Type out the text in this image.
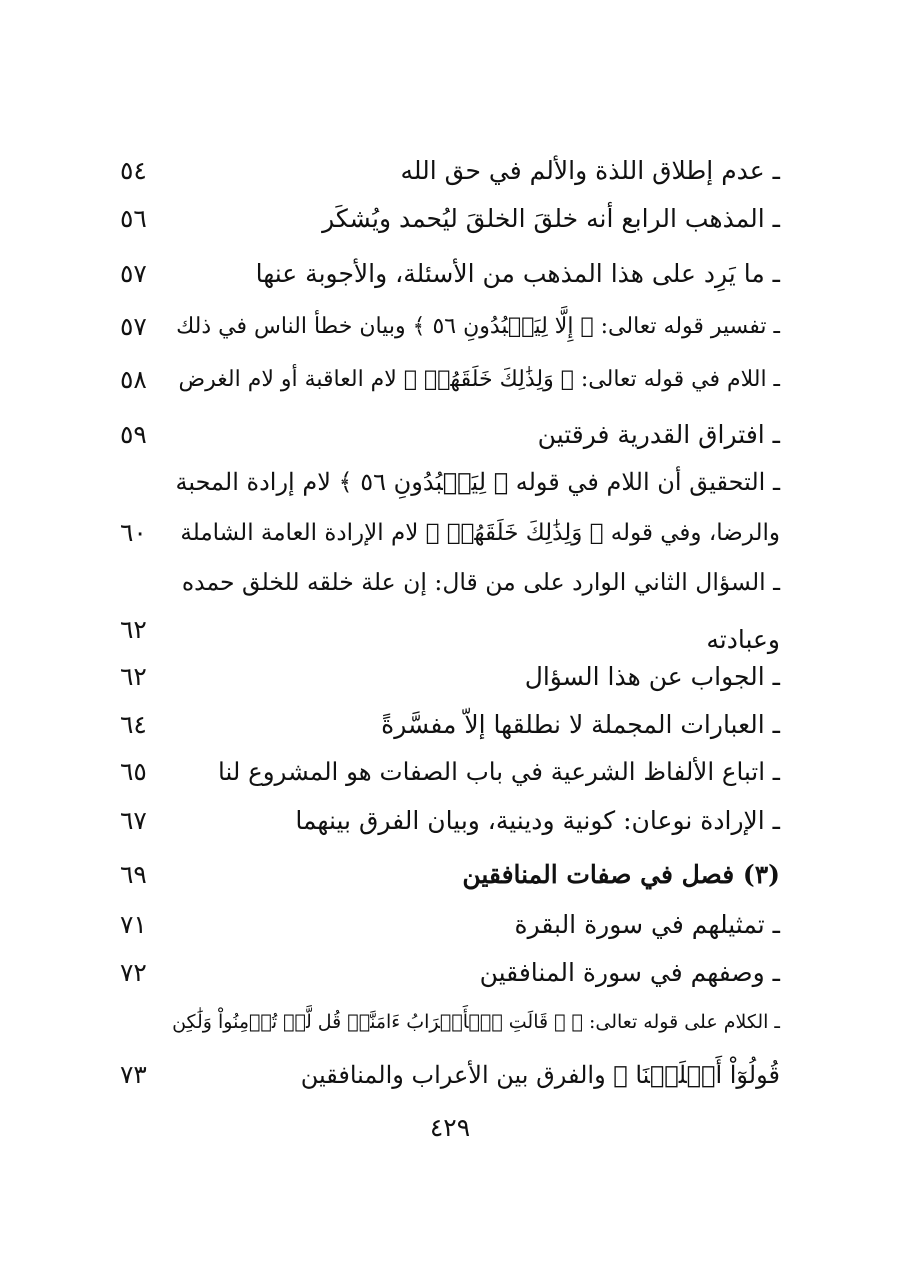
ـ عدم إطلاق اللذة والألم في حق الله
٥٤
ـ المذهب الرابع أنه خلقَ الخلقَ ليُحمد ويُشكَر
٥٦
ـ ما يَرِد على هذا المذهب من الأسئلة، والأجوبة عنها
٥٧
ـ تفسير قوله تعالى: ﴿ إِلَّا لِيَعۡبُدُونِ ٥٦ ﴾ وبيان خطأ الناس في ذلك
٥٧
ـ اللام في قوله تعالى: ﴿ وَلِذَٰلِكَ خَلَقَهُمۡ ﴾ لام العاقبة أو لام الغرض
٥٨
ـ افتراق القدرية فرقتين
٥٩
ـ التحقيق أن اللام في قوله ﴿ لِيَعۡبُدُونِ ٥٦ ﴾ لام إرادة المحبة
والرضا، وفي قوله ﴿ وَلِذَٰلِكَ خَلَقَهُمۡ ﴾ لام الإرادة العامة الشاملة
٦٠
ـ السؤال الثاني الوارد على من قال: إن علة خلقه للخلق حمده
وعبادته
٦٢
ـ الجواب عن هذا السؤال
٦٢
ـ العبارات المجملة لا نطلقها إلاّ مفسَّرةً
٦٤
ـ اتباع الألفاظ الشرعية في باب الصفات هو المشروع لنا
٦٥
ـ الإرادة نوعان: كونية ودينية، وبيان الفرق بينهما
٦٧
(٣) فصل في صفات المنافقين
٦٩
ـ تمثيلهم في سورة البقرة
٧١
ـ وصفهم في سورة المنافقين
٧٢
ـ الكلام على قوله تعالى: ﴿ ۞ قَالَتِ ٱلۡأَعۡرَابُ ءَامَنَّاۖ قُل لَّمۡ تُؤۡمِنُواْ وَلَٰكِن
قُولُوٓاْ أَسۡلَمۡنَا ﴾ والفرق بين الأعراب والمنافقين
٧٣
٤٢٩
